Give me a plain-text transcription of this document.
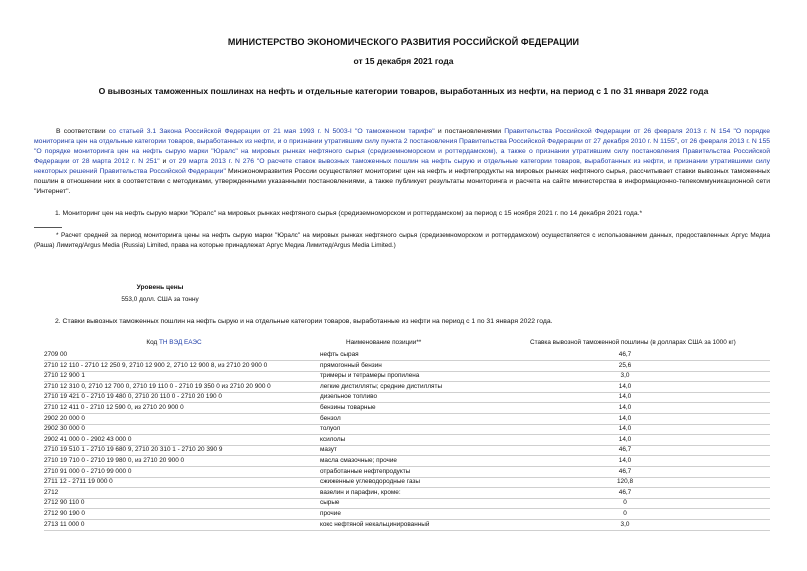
МИНИСТЕРСТВО ЭКОНОМИЧЕСКОГО РАЗВИТИЯ РОССИЙСКОЙ ФЕДЕРАЦИИ
от 15 декабря 2021 года
О вывозных таможенных пошлинах на нефть и отдельные категории товаров, выработанных из нефти, на период с 1 по 31 января 2022 года
В соответствии со статьей 3.1 Закона Российской Федерации от 21 мая 1993 г. N 5003-I "О таможенном тарифе" и постановлениями Правительства Российской Федерации от 26 февраля 2013 г. N 154 "О порядке мониторинга цен на отдельные категории товаров, выработанных из нефти, и о признании утратившим силу пункта 2 постановления Правительства Российской Федерации от 27 декабря 2010 г. N 1155", от 26 февраля 2013 г. N 155 "О порядке мониторинга цен на нефть сырую марки "Юралс" на мировых рынках нефтяного сырья (средиземноморском и роттердамском), а также о признании утратившим силу постановления Правительства Российской Федерации от 28 марта 2012 г. N 251" и от 29 марта 2013 г. N 276 "О расчете ставок вывозных таможенных пошлин на нефть сырую и отдельные категории товаров, выработанных из нефти, и признании утратившими силу некоторых решений Правительства Российской Федерации" Минэкономразвития России осуществляет мониторинг цен на нефть и нефтепродукты на мировых рынках нефтяного сырья, рассчитывает ставки вывозных таможенных пошлин в отношении них в соответствии с методиками, утвержденными указанными постановлениями, а также публикует результаты мониторинга и расчета на сайте министерства в информационно-телекоммуникационной сети "Интернет".
1. Мониторинг цен на нефть сырую марки "Юралс" на мировых рынках нефтяного сырья (средиземноморском и роттердамском) за период с 15 ноября 2021 г. по 14 декабря 2021 года.*
* Расчет средней за период мониторинга цены на нефть сырую марки "Юралс" на мировых рынках нефтяного сырья (средиземноморском и роттердамском) осуществляется с использованием данных, предоставленных Аргус Медиа (Раша) Лимитед/Argus Media (Russia) Limited, права на которые принадлежат Аргус Медиа Лимитед/Argus Media Limited.)
Уровень цены
553,0 долл. США за тонну
2. Ставки вывозных таможенных пошлин на нефть сырую и на отдельные категории товаров, выработанные из нефти на период с 1 по 31 января 2022 года.
Код ТН ВЭД ЕАЭС	Наименование позиции**	Ставка вывозной таможенной пошлины (в долларах США за 1000 кг)
2709 00	нефть сырая	46,7
2710 12 110 - 2710 12 250 9, 2710 12 900 2, 2710 12 900 8, из 2710 20 900 0	прямогонный бензин	25,6
2710 12 900 1	тримеры и тетрамеры пропилена	3,0
2710 12 310 0, 2710 12 700 0, 2710 19 110 0 - 2710 19 350 0 из 2710 20 900 0	легкие дистилляты; средние дистилляты	14,0
2710 19 421 0 - 2710 19 480 0, 2710 20 110 0 - 2710 20 190 0	дизельное топливо	14,0
2710 12 411 0 - 2710 12 590 0, из 2710 20 900 0	бензины товарные	14,0
2902 20 000 0	бензол	14,0
2902 30 000 0	толуол	14,0
2902 41 000 0 - 2902 43 000 0	ксилолы	14,0
2710 19 510 1 - 2710 19 680 9, 2710 20 310 1 - 2710 20 390 9	мазут	46,7
2710 19 710 0 - 2710 19 980 0, из 2710 20 900 0	масла смазочные; прочие	14,0
2710 91 000 0 - 2710 99 000 0	отработанные нефтепродукты	46,7
2711 12 - 2711 19 000 0	сжиженные углеводородные газы	120,8
2712	вазелин и парафин, кроме:	46,7
2712 90 110 0	сырые	0
2712 90 190 0	прочие	0
2713 11 000 0	кокс нефтяной некальцинированный	3,0
